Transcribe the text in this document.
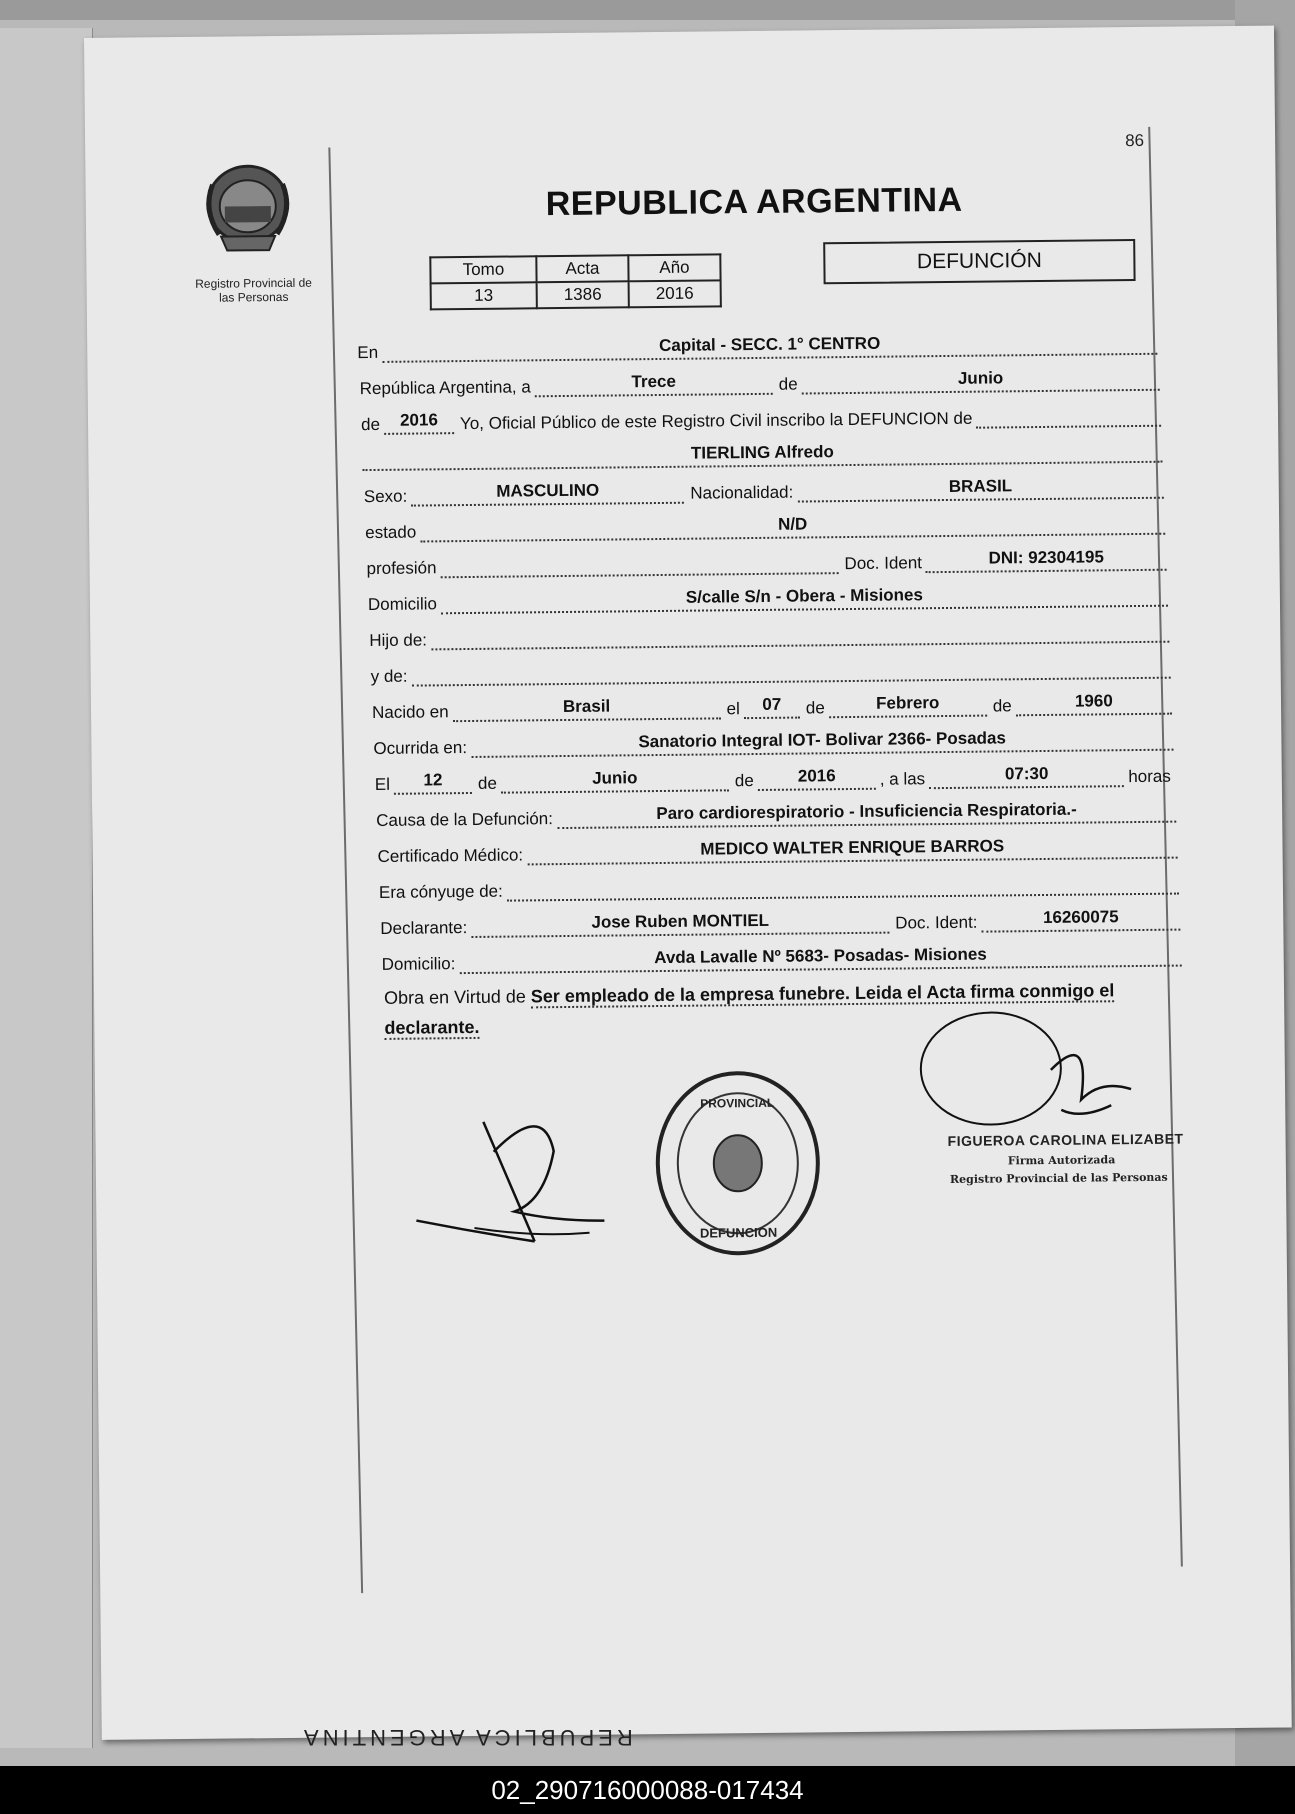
86
Registro Provincial de
las Personas
REPUBLICA ARGENTINA
Tomo	Acta	Año
13	1386	2016
DEFUNCIÓN
En	Capital - SECC. 1° CENTRO
República Argentina, a	Trece	de	Junio
de	2016	Yo, Oficial Público de este Registro Civil inscribo la DEFUNCION de
TIERLING Alfredo
Sexo:	MASCULINO	Nacionalidad:	BRASIL
estado	N/D
profesión	Doc. Ident	DNI: 92304195
Domicilio	S/calle S/n - Obera - Misiones
Hijo de:
y de:
Nacido en	Brasil	el	07	de	Febrero	de	1960
Ocurrida en:	Sanatorio Integral IOT- Bolivar 2366- Posadas
El	12	de	Junio	de	2016	, a las	07:30	horas
Causa de la Defunción:	Paro cardiorespiratorio - Insuficiencia Respiratoria.-
Certificado Médico:	MEDICO WALTER ENRIQUE BARROS
Era cónyuge de:
Declarante:	Jose Ruben MONTIEL	Doc. Ident:	16260075
Domicilio:	Avda Lavalle Nº 5683- Posadas- Misiones
Obra en Virtud de Ser empleado de la empresa funebre. Leida el Acta firma conmigo el declarante.
PROVINCIAL
DEFUNCION
FIGUEROA CAROLINA ELIZABET
Firma Autorizada
Registro Provincial de las Personas
REPUBLICA ARGENTINA
02_290716000088-017434
